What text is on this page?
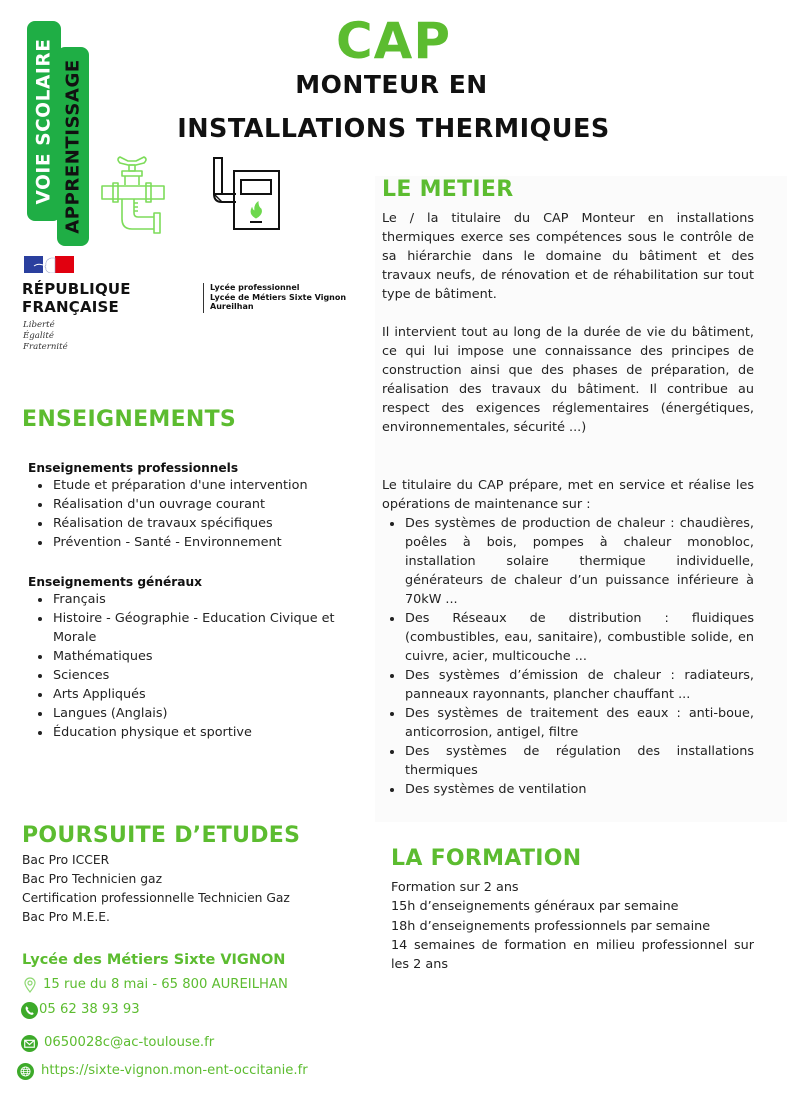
CAP
MONTEUR EN
INSTALLATIONS THERMIQUES
VOIE SCOLAIRE APPRENTISSAGE
RÉPUBLIQUE
FRANÇAISE
Liberté
Égalité
Fraternité
Lycée professionnel
Lycée de Métiers Sixte Vignon
Aureilhan
ENSEIGNEMENTS
Enseignements professionnels
Etude et préparation d'une intervention
Réalisation d'un ouvrage courant
Réalisation de travaux spécifiques
Prévention - Santé - Environnement
Enseignements généraux
Français
Histoire - Géographie - Education Civique et Morale
Mathématiques
Sciences
Arts Appliqués
Langues (Anglais)
Éducation physique et sportive
POURSUITE D’ETUDES
Bac Pro ICCER
Bac Pro Technicien gaz
Certification professionnelle Technicien Gaz
Bac Pro M.E.E.
Lycée des Métiers Sixte VIGNON
15 rue du 8 mai - 65 800 AUREILHAN
05 62 38 93 93
0650028c@ac-toulouse.fr
https://sixte-vignon.mon-ent-occitanie.fr
LE METIER
Le / la titulaire du CAP Monteur en installations thermiques exerce ses compétences sous le contrôle de sa hiérarchie dans le domaine du bâtiment et des travaux neufs, de rénovation et de réhabilitation sur tout type de bâtiment.
Il intervient tout au long de la durée de vie du bâtiment, ce qui lui impose une connaissance des principes de construction ainsi que des phases de préparation, de réalisation des travaux du bâtiment. Il contribue au respect des exigences réglementaires (énergétiques, environnementales, sécurité ...)
Le titulaire du CAP prépare, met en service et réalise les opérations de maintenance sur :
Des systèmes de production de chaleur : chaudières, poêles à bois, pompes à chaleur monobloc, installation solaire thermique individuelle, générateurs de chaleur d’un puissance inférieure à 70kW ...
Des Réseaux de distribution : fluidiques (combustibles, eau, sanitaire), combustible solide, en cuivre, acier, multicouche ...
Des systèmes d’émission de chaleur : radiateurs, panneaux rayonnants, plancher chauffant ...
Des systèmes de traitement des eaux : anti-boue, anticorrosion, antigel, filtre
Des systèmes de régulation des installations thermiques
Des systèmes de ventilation
LA FORMATION
Formation sur 2 ans
15h d’enseignements généraux par semaine
18h d’enseignements professionnels par semaine
14 semaines de formation en milieu professionnel sur les 2 ans
